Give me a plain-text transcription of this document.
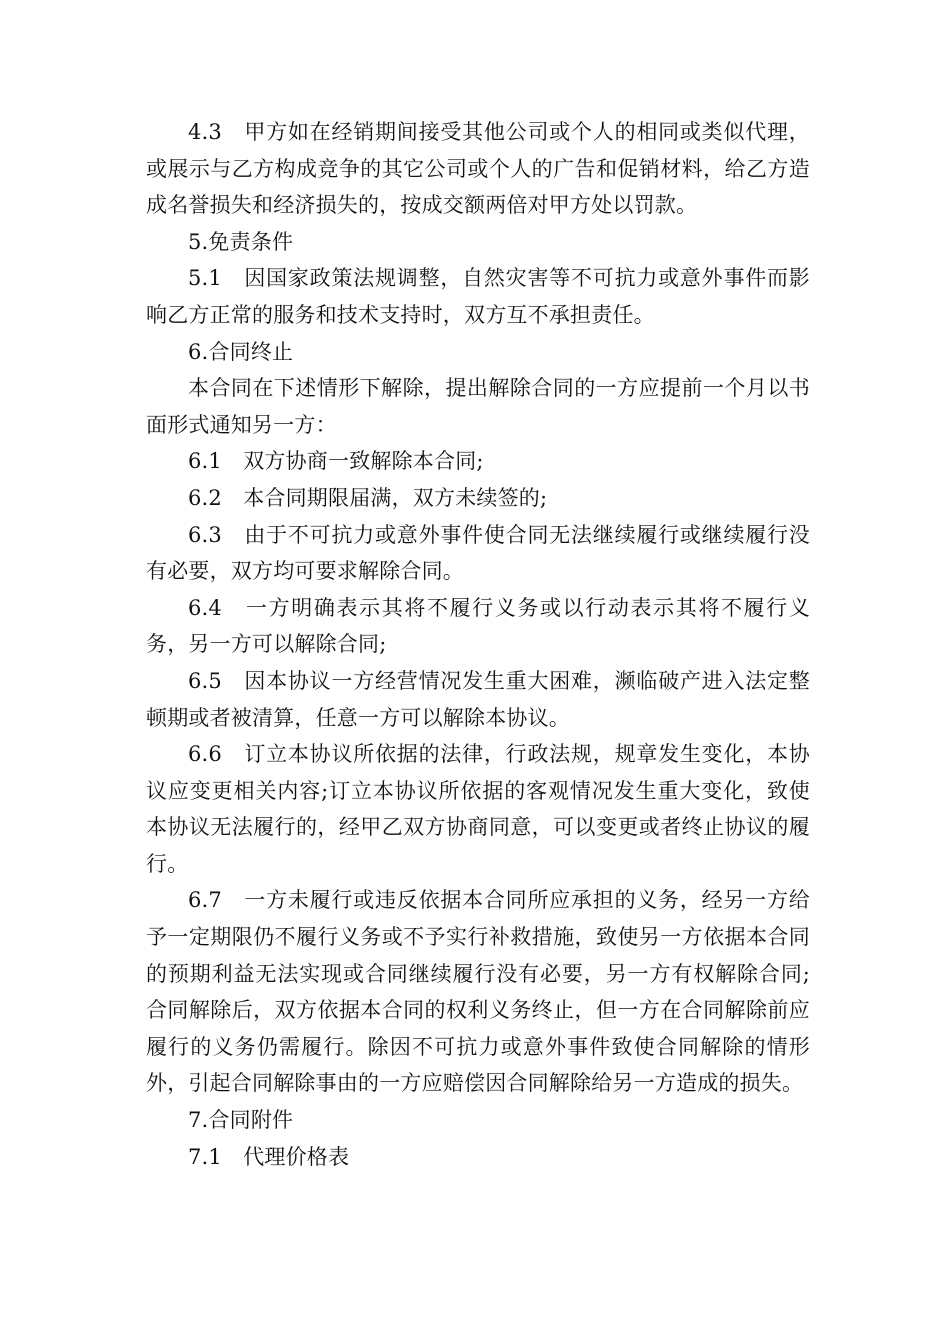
4.3　甲方如在经销期间接受其他公司或个人的相同或类似代理，或展示与乙方构成竞争的其它公司或个人的广告和促销材料，给乙方造成名誉损失和经济损失的，按成交额两倍对甲方处以罚款。

5.免责条件

5.1　因国家政策法规调整，自然灾害等不可抗力或意外事件而影响乙方正常的服务和技术支持时，双方互不承担责任。

6.合同终止

本合同在下述情形下解除，提出解除合同的一方应提前一个月以书面形式通知另一方：

6.1　双方协商一致解除本合同;

6.2　本合同期限届满，双方未续签的;

6.3　由于不可抗力或意外事件使合同无法继续履行或继续履行没有必要，双方均可要求解除合同。

6.4　一方明确表示其将不履行义务或以行动表示其将不履行义务，另一方可以解除合同;

6.5　因本协议一方经营情况发生重大困难，濒临破产进入法定整顿期或者被清算，任意一方可以解除本协议。

6.6　订立本协议所依据的法律，行政法规，规章发生变化，本协议应变更相关内容;订立本协议所依据的客观情况发生重大变化，致使本协议无法履行的，经甲乙双方协商同意，可以变更或者终止协议的履行。

6.7　一方未履行或违反依据本合同所应承担的义务，经另一方给予一定期限仍不履行义务或不予实行补救措施，致使另一方依据本合同的预期利益无法实现或合同继续履行没有必要，另一方有权解除合同;合同解除后，双方依据本合同的权利义务终止，但一方在合同解除前应履行的义务仍需履行。除因不可抗力或意外事件致使合同解除的情形外，引起合同解除事由的一方应赔偿因合同解除给另一方造成的损失。

7.合同附件

7.1　代理价格表
